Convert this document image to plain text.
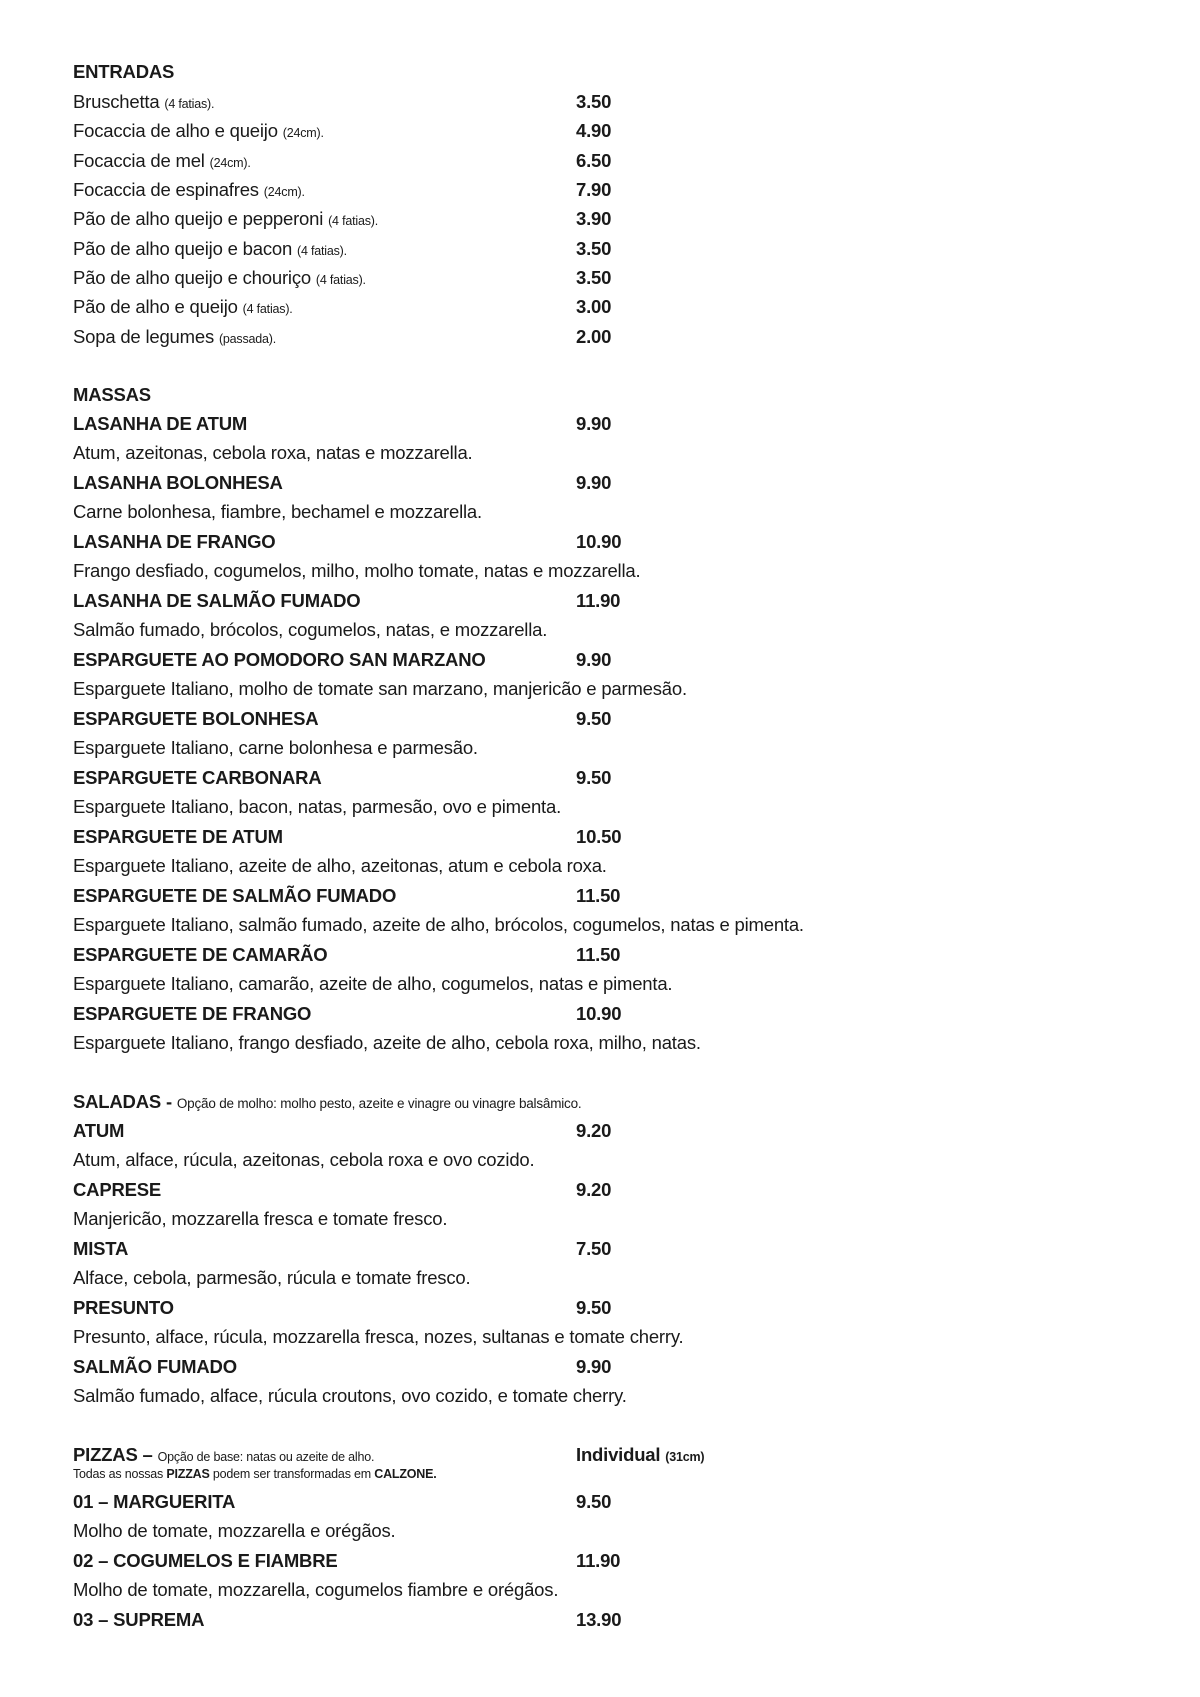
ENTRADAS
Bruschetta (4 fatias).	3.50
Focaccia de alho e queijo (24cm).	4.90
Focaccia de mel (24cm).	6.50
Focaccia de espinafres (24cm).	7.90
Pão de alho queijo e pepperoni (4 fatias).	3.90
Pão de alho queijo e bacon (4 fatias).	3.50
Pão de alho queijo e chouriço (4 fatias).	3.50
Pão de alho e queijo (4 fatias).	3.00
Sopa de legumes (passada).	2.00
MASSAS
LASANHA DE ATUM	9.90
Atum, azeitonas, cebola roxa, natas e mozzarella.
LASANHA BOLONHESA	9.90
Carne bolonhesa, fiambre, bechamel e mozzarella.
LASANHA DE FRANGO	10.90
Frango desfiado, cogumelos, milho, molho tomate, natas e mozzarella.
LASANHA DE SALMÃO FUMADO	11.90
Salmão fumado, brócolos, cogumelos, natas, e mozzarella.
ESPARGUETE AO POMODORO SAN MARZANO	9.90
Esparguete Italiano, molho de tomate san marzano, manjericão e parmesão.
ESPARGUETE BOLONHESA	9.50
Esparguete Italiano, carne bolonhesa e parmesão.
ESPARGUETE CARBONARA	9.50
Esparguete Italiano, bacon, natas, parmesão, ovo e pimenta.
ESPARGUETE DE ATUM	10.50
Esparguete Italiano, azeite de alho, azeitonas, atum e cebola roxa.
ESPARGUETE DE SALMÃO FUMADO	11.50
Esparguete Italiano, salmão fumado, azeite de alho, brócolos, cogumelos, natas e pimenta.
ESPARGUETE DE CAMARÃO	11.50
Esparguete Italiano, camarão, azeite de alho, cogumelos, natas e pimenta.
ESPARGUETE DE FRANGO	10.90
Esparguete Italiano, frango desfiado, azeite de alho, cebola roxa, milho, natas.
SALADAS - Opção de molho: molho pesto, azeite e vinagre ou vinagre balsâmico.
ATUM	9.20
Atum, alface, rúcula, azeitonas, cebola roxa e ovo cozido.
CAPRESE	9.20
Manjericão, mozzarella fresca e tomate fresco.
MISTA	7.50
Alface, cebola, parmesão, rúcula e tomate fresco.
PRESUNTO	9.50
Presunto, alface, rúcula, mozzarella fresca, nozes, sultanas e tomate cherry.
SALMÃO FUMADO	9.90
Salmão fumado, alface, rúcula croutons, ovo cozido, e tomate cherry.
PIZZAS – Opção de base: natas ou azeite de alho.	Individual (31cm)
Todas as nossas PIZZAS podem ser transformadas em CALZONE.
01 – MARGUERITA	9.50
Molho de tomate, mozzarella e orégãos.
02 – COGUMELOS E FIAMBRE	11.90
Molho de tomate, mozzarella, cogumelos fiambre e orégãos.
03 – SUPREMA	13.90
